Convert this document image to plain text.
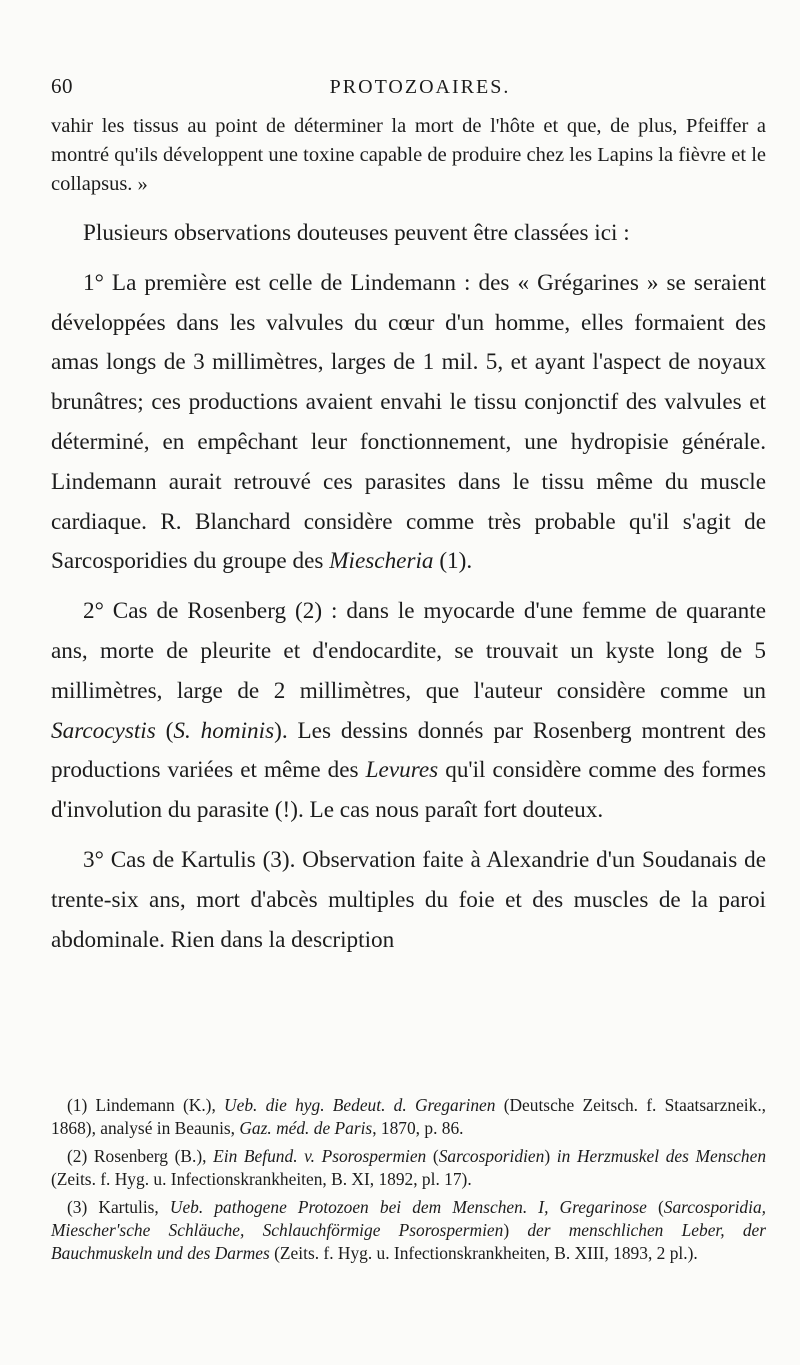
60	PROTOZOAIRES.

vahir les tissus au point de déterminer la mort de l'hôte et que, de plus, Pfeiffer a montré qu'ils développent une toxine capable de produire chez les Lapins la fièvre et le collapsus. »

Plusieurs observations douteuses peuvent être classées ici :

1° La première est celle de Lindemann : des « Grégarines » se seraient développées dans les valvules du cœur d'un homme, elles formaient des amas longs de 3 millimètres, larges de 1 mil. 5, et ayant l'aspect de noyaux brunâtres; ces productions avaient envahi le tissu conjonctif des valvules et déterminé, en empêchant leur fonctionnement, une hydropisie générale. Lindemann aurait retrouvé ces parasites dans le tissu même du muscle cardiaque. R. Blanchard considère comme très probable qu'il s'agit de Sarcosporidies du groupe des Miescheria (1).

2° Cas de Rosenberg (2) : dans le myocarde d'une femme de quarante ans, morte de pleurite et d'endocardite, se trouvait un kyste long de 5 millimètres, large de 2 millimètres, que l'auteur considère comme un Sarcocystis (S. hominis). Les dessins donnés par Rosenberg montrent des productions variées et même des Levures qu'il considère comme des formes d'involution du parasite (!). Le cas nous paraît fort douteux.

3° Cas de Kartulis (3). Observation faite à Alexandrie d'un Soudanais de trente-six ans, mort d'abcès multiples du foie et des muscles de la paroi abdominale. Rien dans la description

(1) Lindemann (K.), Ueb. die hyg. Bedeut. d. Gregarinen (Deutsche Zeitsch. f. Staatsarzneik., 1868), analysé in Beaunis, Gaz. méd. de Paris, 1870, p. 86.

(2) Rosenberg (B.), Ein Befund. v. Psorospermien (Sarcosporidien) in Herzmuskel des Menschen (Zeits. f. Hyg. u. Infectionskrankheiten, B. XI, 1892, pl. 17).

(3) Kartulis, Ueb. pathogene Protozoen bei dem Menschen. I, Gregarinose (Sarcosporidia, Miescher'sche Schläuche, Schlauchförmige Psorospermien) der menschlichen Leber, der Bauchmuskeln und des Darmes (Zeits. f. Hyg. u. Infectionskrankheiten, B. XIII, 1893, 2 pl.).
